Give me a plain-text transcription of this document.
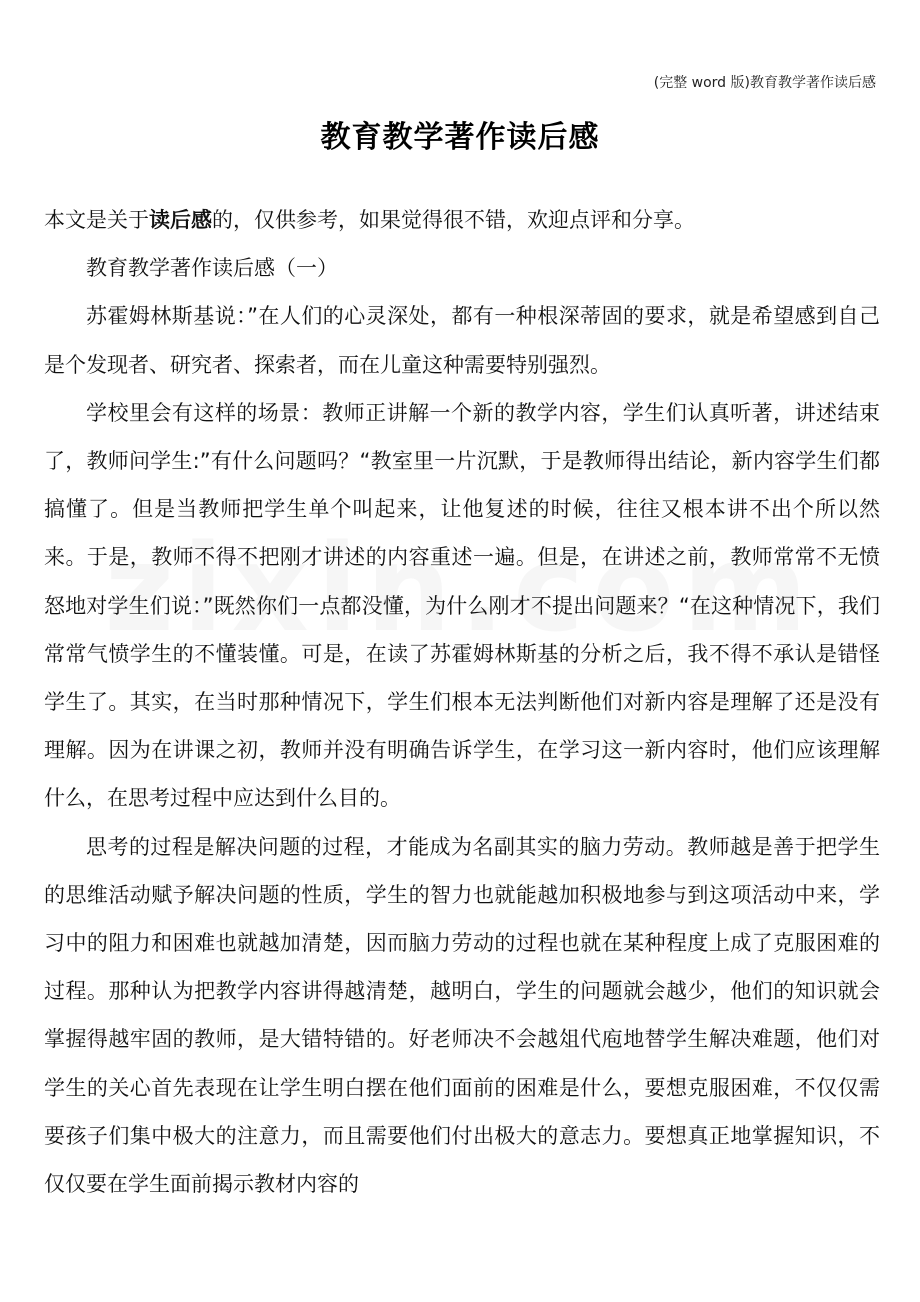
(完整 word 版)教育教学著作读后感
教育教学著作读后感

本文是关于读后感的，仅供参考，如果觉得很不错，欢迎点评和分享。

教育教学著作读后感（一）

苏霍姆林斯基说：”在人们的心灵深处，都有一种根深蒂固的要求，就是希望感到自己是个发现者、研究者、探索者，而在儿童这种需要特别强烈。

学校里会有这样的场景：教师正讲解一个新的教学内容，学生们认真听著，讲述结束了，教师问学生:”有什么问题吗？“教室里一片沉默，于是教师得出结论，新内容学生们都搞懂了。但是当教师把学生单个叫起来，让他复述的时候，往往又根本讲不出个所以然来。于是，教师不得不把刚才讲述的内容重述一遍。但是，在讲述之前，教师常常不无愤怒地对学生们说：”既然你们一点都没懂，为什么刚才不提出问题来？“在这种情况下，我们常常气愤学生的不懂装懂。可是，在读了苏霍姆林斯基的分析之后，我不得不承认是错怪学生了。其实，在当时那种情况下，学生们根本无法判断他们对新内容是理解了还是没有理解。因为在讲课之初，教师并没有明确告诉学生，在学习这一新内容时，他们应该理解什么，在思考过程中应达到什么目的。

思考的过程是解决问题的过程，才能成为名副其实的脑力劳动。教师越是善于把学生的思维活动赋予解决问题的性质，学生的智力也就能越加积极地参与到这项活动中来，学习中的阻力和困难也就越加清楚，因而脑力劳动的过程也就在某种程度上成了克服困难的过程。那种认为把教学内容讲得越清楚，越明白，学生的问题就会越少，他们的知识就会掌握得越牢固的教师，是大错特错的。好老师决不会越俎代庖地替学生解决难题，他们对学生的关心首先表现在让学生明白摆在他们面前的困难是什么，要想克服困难，不仅仅需要孩子们集中极大的注意力，而且需要他们付出极大的意志力。要想真正地掌握知识，不仅仅要在学生面前揭示教材内容的
